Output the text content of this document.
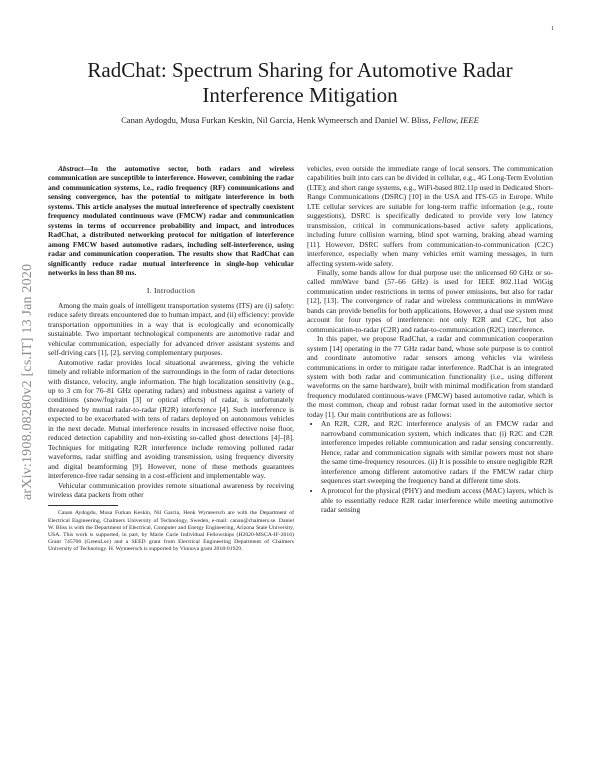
1
arXiv:1908.08280v2 [cs.IT] 13 Jan 2020
RadChat: Spectrum Sharing for Automotive Radar Interference Mitigation
Canan Aydogdu, Musa Furkan Keskin, Nil Garcia, Henk Wymeersch and Daniel W. Bliss, Fellow, IEEE

Abstract—In the automotive sector, both radars and wireless communication are susceptible to interference. However, combining the radar and communication systems, i.e., radio frequency (RF) communications and sensing convergence, has the potential to mitigate interference in both systems. This article analyses the mutual interference of spectrally coexistent frequency modulated continuous wave (FMCW) radar and communication systems in terms of occurrence probability and impact, and introduces RadChat, a distributed networking protocol for mitigation of interference among FMCW based automotive radars, including self-interference, using radar and communication cooperation. The results show that RadChat can significantly reduce radar mutual interference in single-hop vehicular networks in less than 80 ms.

I. Introduction

Among the main goals of intelligent transportation systems (ITS) are (i) safety: reduce safety threats encountered due to human impact, and (ii) efficiency: provide transportation opportunities in a way that is ecologically and economically sustainable. Two important technological components are automotive radar and vehicular communication, especially for advanced driver assistant systems and self-driving cars [1], [2], serving complementary purposes.

Automotive radar provides local situational awareness, giving the vehicle timely and reliable information of the surroundings in the form of radar detections with distance, velocity, angle information. The high localization sensitivity (e.g., up to 3 cm for 76–81 GHz operating radars) and robustness against a variety of conditions (snow/fog/rain [3] or optical effects) of radar, is unfortunately threatened by mutual radar-to-radar (R2R) interference [4]. Such interference is expected to be exacerbated with tens of radars deployed on autonomous vehicles in the next decade. Mutual interference results in increased effective noise floor, reduced detection capability and non-existing so-called ghost detections [4]–[8]. Techniques for mitigating R2R interference include removing polluted radar waveforms, radar sniffing and avoiding transmission, using frequency diversity and digital beamforming [9]. However, none of these methods guarantees interference-free radar sensing in a cost-efficient and implementable way.

Vehicular communication provides remote situational awareness by receiving wireless data packets from other

Canan Aydogdu, Musa Furkan Keskin, Nil Garcia, Henk Wymeersch are with the Department of Electrical Engineering, Chalmers University of Technology, Sweden, e-mail: canan@chalmers.se. Daniel W. Bliss is with the Department of Electrical, Computer and Energy Engineering, Arizona State University, USA. This work is supported, in part, by Marie Curie Individual Fellowships (H2020-MSCA-IF-2016) Grant 745706 (GreenLoc) and a SEED grant from Electrical Engineering Department of Chalmers University of Technology. H. Wymeersch is supported by Vinnova grant 2018-01929.

vehicles, even outside the immediate range of local sensors. The communication capabilities built into cars can be divided in cellular, e.g., 4G Long-Term Evolution (LTE); and short range systems, e.g., WiFi-based 802.11p used in Dedicated Short-Range Communications (DSRC) [10] in the USA and ITS-G5 in Europe. While LTE cellular services are suitable for long-term traffic information (e.g., route suggestions), DSRC is specifically dedicated to provide very low latency transmission, critical in communications-based active safety applications, including future collision warning, blind spot warning, braking ahead warning [11]. However, DSRC suffers from communication-to-communication (C2C) interference, especially when many vehicles emit warning messages, in turn affecting system-wide safety.

Finally, some bands allow for dual purpose use: the unlicensed 60 GHz or so-called mmWave band (57–66 GHz) is used for IEEE 802.11ad WiGig communication under restrictions in terms of power emissions, but also for radar [12], [13]. The convergence of radar and wireless communications in mmWave bands can provide benefits for both applications. However, a dual use system must account for four types of interference: not only R2R and C2C, but also communication-to-radar (C2R) and radar-to-communication (R2C) interference.

In this paper, we propose RadChat, a radar and communication cooperation system [14] operating in the 77 GHz radar band, whose sole purpose is to control and coordinate automotive radar sensors among vehicles via wireless communications in order to mitigate radar interference. RadChat is an integrated system with both radar and communication functionality (i.e., using different waveforms on the same hardware), built with minimal modification from standard frequency modulated continuous-wave (FMCW) based automotive radar, which is the most common, cheap and robust radar format used in the automotive sector today [1]. Our main contributions are as follows:

• An R2R, C2R, and R2C interference analysis of an FMCW radar and narrowband communication system, which indicates that: (i) R2C and C2R interference impedes reliable communication and radar sensing concurrently. Hence, radar and communication signals with similar powers must not share the same time-frequency resources. (ii) It is possible to ensure negligible R2R interference among different automotive radars if the FMCW radar chirp sequences start sweeping the frequency band at different time slots.
• A protocol for the physical (PHY) and medium access (MAC) layers, which is able to essentially reduce R2R radar interference while meeting automotive radar sensing
